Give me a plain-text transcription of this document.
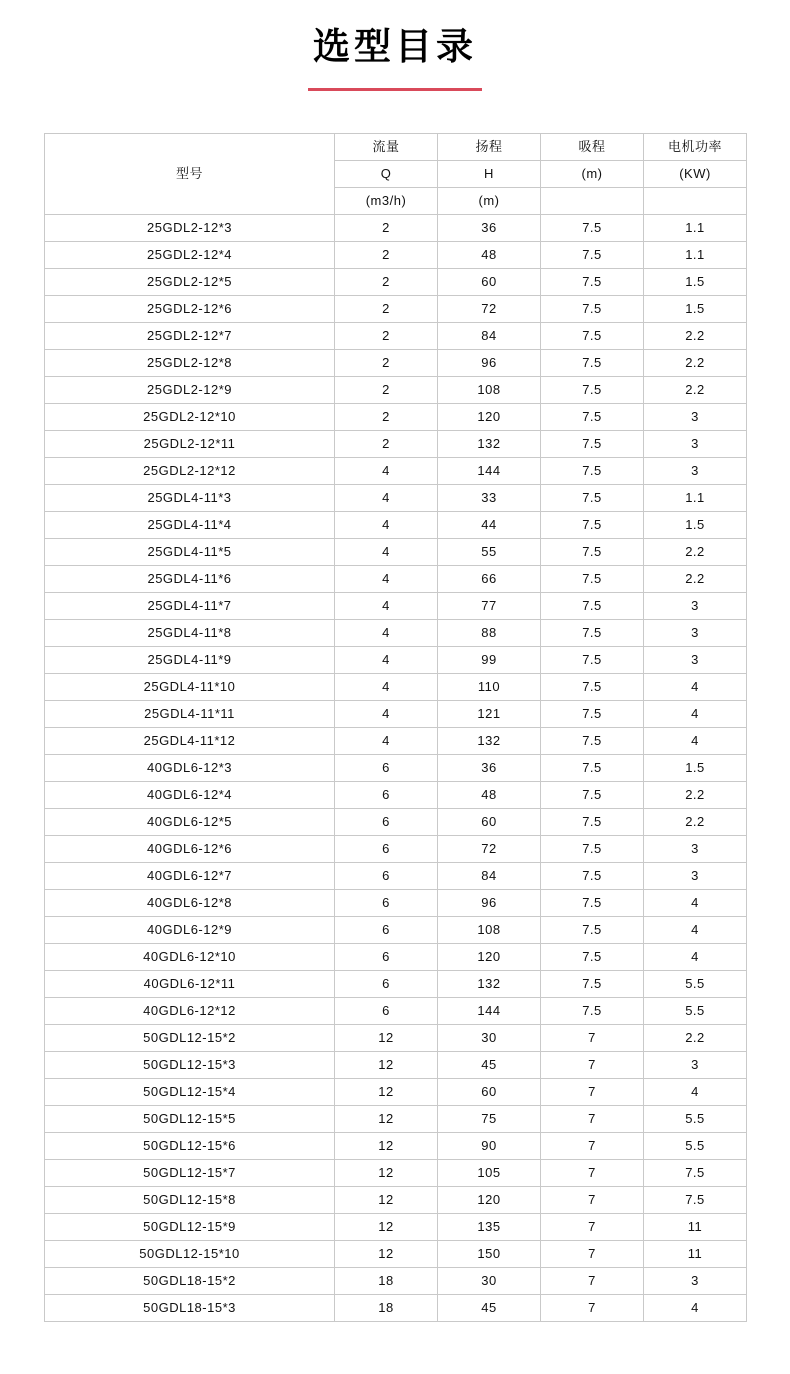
选型目录
型号	流量	扬程	吸程	电机功率
	Q	H	(m)	(KW)
	(m3/h)	(m)		
25GDL2-12*3	2	36	7.5	1.1
25GDL2-12*4	2	48	7.5	1.1
25GDL2-12*5	2	60	7.5	1.5
25GDL2-12*6	2	72	7.5	1.5
25GDL2-12*7	2	84	7.5	2.2
25GDL2-12*8	2	96	7.5	2.2
25GDL2-12*9	2	108	7.5	2.2
25GDL2-12*10	2	120	7.5	3
25GDL2-12*11	2	132	7.5	3
25GDL2-12*12	4	144	7.5	3
25GDL4-11*3	4	33	7.5	1.1
25GDL4-11*4	4	44	7.5	1.5
25GDL4-11*5	4	55	7.5	2.2
25GDL4-11*6	4	66	7.5	2.2
25GDL4-11*7	4	77	7.5	3
25GDL4-11*8	4	88	7.5	3
25GDL4-11*9	4	99	7.5	3
25GDL4-11*10	4	110	7.5	4
25GDL4-11*11	4	121	7.5	4
25GDL4-11*12	4	132	7.5	4
40GDL6-12*3	6	36	7.5	1.5
40GDL6-12*4	6	48	7.5	2.2
40GDL6-12*5	6	60	7.5	2.2
40GDL6-12*6	6	72	7.5	3
40GDL6-12*7	6	84	7.5	3
40GDL6-12*8	6	96	7.5	4
40GDL6-12*9	6	108	7.5	4
40GDL6-12*10	6	120	7.5	4
40GDL6-12*11	6	132	7.5	5.5
40GDL6-12*12	6	144	7.5	5.5
50GDL12-15*2	12	30	7	2.2
50GDL12-15*3	12	45	7	3
50GDL12-15*4	12	60	7	4
50GDL12-15*5	12	75	7	5.5
50GDL12-15*6	12	90	7	5.5
50GDL12-15*7	12	105	7	7.5
50GDL12-15*8	12	120	7	7.5
50GDL12-15*9	12	135	7	11
50GDL12-15*10	12	150	7	11
50GDL18-15*2	18	30	7	3
50GDL18-15*3	18	45	7	4
